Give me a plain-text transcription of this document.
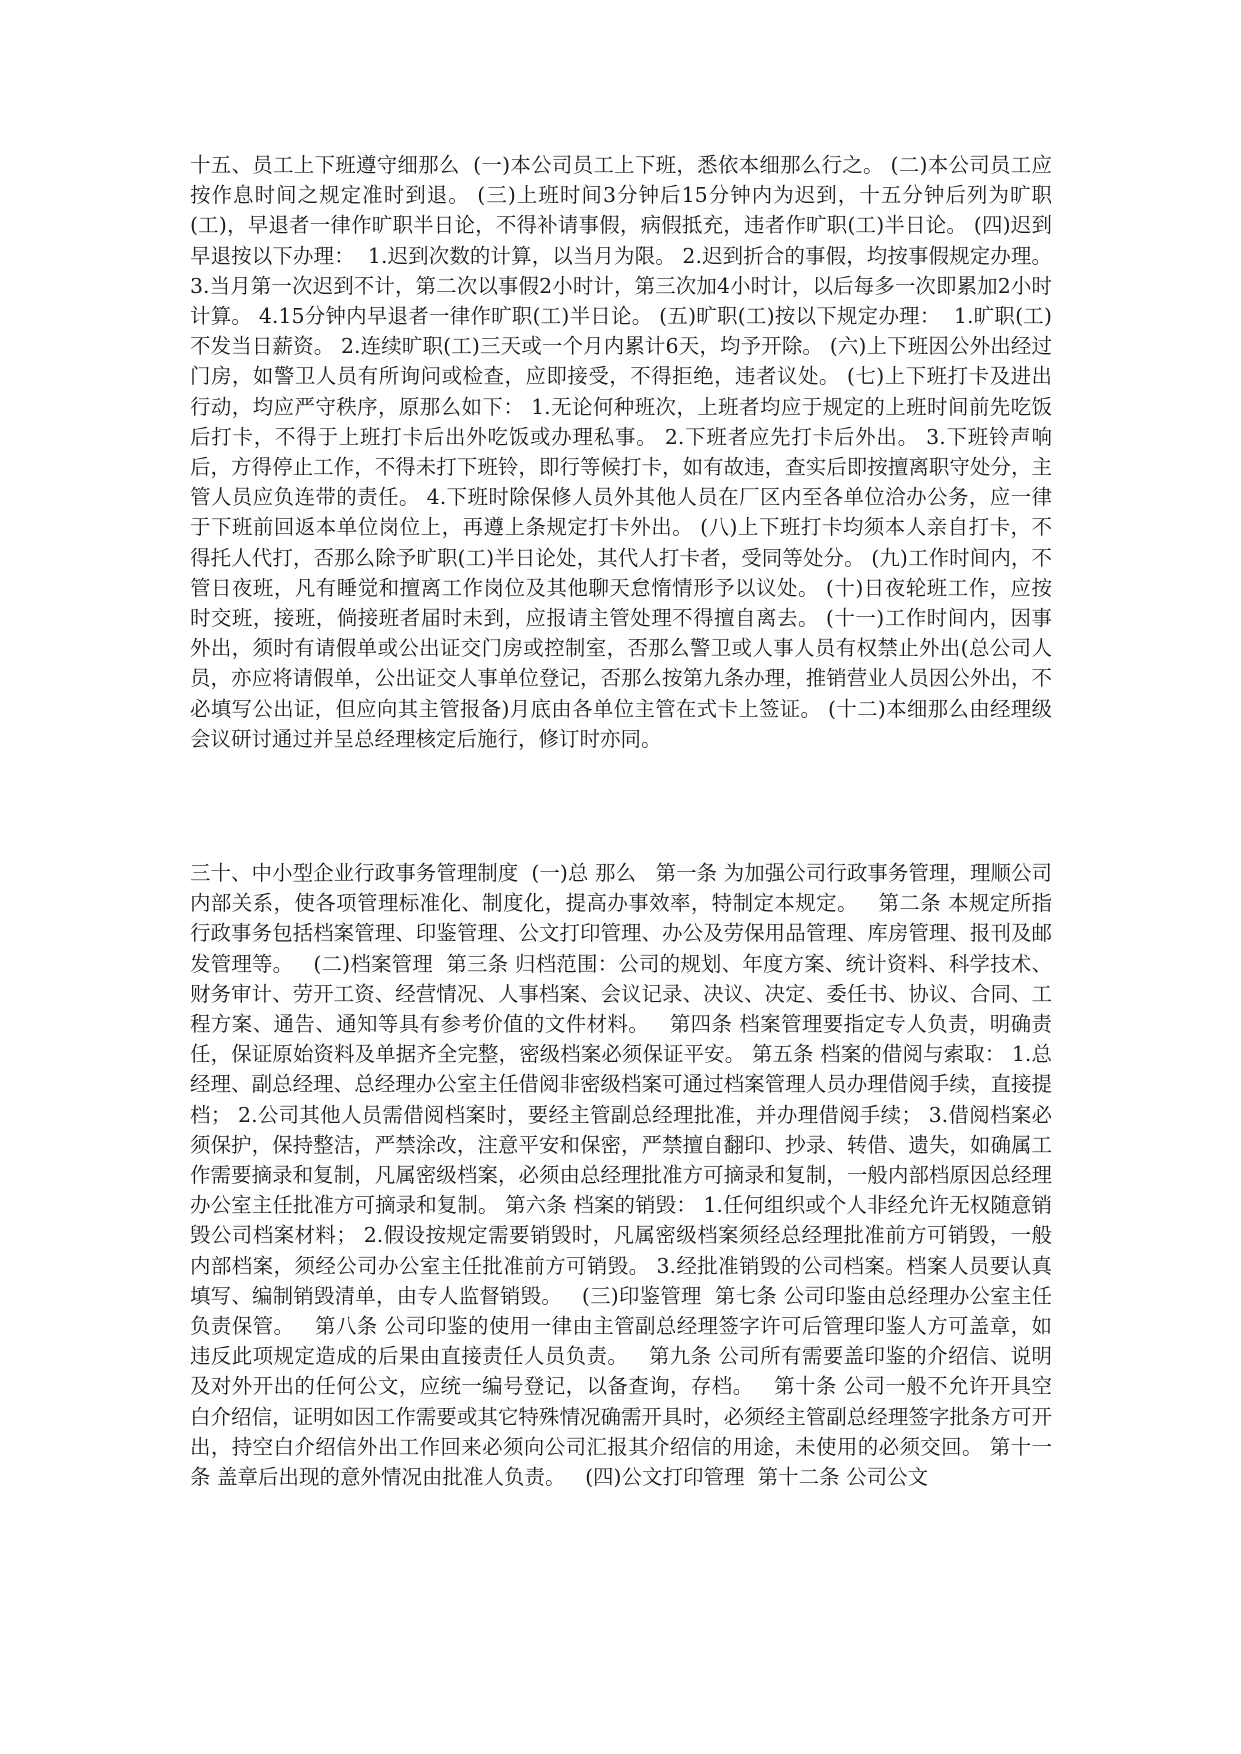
十五、员工上下班遵守细那么  (一)本公司员工上下班，悉依本细那么行之。 (二)本公司员工应按作息时间之规定准时到退。 (三)上班时间3分钟后15分钟内为迟到，十五分钟后列为旷职(工)，早退者一律作旷职半日论，不得补请事假，病假抵充，违者作旷职(工)半日论。 (四)迟到早退按以下办理：  1.迟到次数的计算，以当月为限。 2.迟到折合的事假，均按事假规定办理。 3.当月第一次迟到不计，第二次以事假2小时计，第三次加4小时计，以后每多一次即累加2小时计算。 4.15分钟内早退者一律作旷职(工)半日论。 (五)旷职(工)按以下规定办理：  1.旷职(工)不发当日薪资。 2.连续旷职(工)三天或一个月内累计6天，均予开除。 (六)上下班因公外出经过门房，如警卫人员有所询问或检查，应即接受，不得拒绝，违者议处。 (七)上下班打卡及进出行动，均应严守秩序，原那么如下： 1.无论何种班次，上班者均应于规定的上班时间前先吃饭后打卡，不得于上班打卡后出外吃饭或办理私事。 2.下班者应先打卡后外出。 3.下班铃声响后，方得停止工作，不得未打下班铃，即行等候打卡，如有故违，查实后即按擅离职守处分，主管人员应负连带的责任。 4.下班时除保修人员外其他人员在厂区内至各单位洽办公务，应一律于下班前回返本单位岗位上，再遵上条规定打卡外出。 (八)上下班打卡均须本人亲自打卡，不得托人代打，否那么除予旷职(工)半日论处，其代人打卡者，受同等处分。 (九)工作时间内，不管日夜班，凡有睡觉和擅离工作岗位及其他聊天怠惰情形予以议处。 (十)日夜轮班工作，应按时交班，接班，倘接班者届时未到，应报请主管处理不得擅自离去。 (十一)工作时间内，因事外出，须时有请假单或公出证交门房或控制室，否那么警卫或人事人员有权禁止外出(总公司人员，亦应将请假单，公出证交人事单位登记，否那么按第九条办理，推销营业人员因公外出，不必填写公出证，但应向其主管报备)月底由各单位主管在式卡上签证。 (十二)本细那么由经理级会议研讨通过并呈总经理核定后施行，修订时亦同。

三十、中小型企业行政事务管理制度  (一)总 那么   第一条 为加强公司行政事务管理，理顺公司内部关系，使各项管理标准化、制度化，提高办事效率，特制定本规定。   第二条 本规定所指行政事务包括档案管理、印鉴管理、公文打印管理、办公及劳保用品管理、库房管理、报刊及邮发管理等。   (二)档案管理  第三条 归档范围：公司的规划、年度方案、统计资料、科学技术、财务审计、劳开工资、经营情况、人事档案、会议记录、决议、决定、委任书、协议、合同、工程方案、通告、通知等具有参考价值的文件材料。   第四条 档案管理要指定专人负责，明确责任，保证原始资料及单据齐全完整，密级档案必须保证平安。 第五条 档案的借阅与索取： 1.总经理、副总经理、总经理办公室主任借阅非密级档案可通过档案管理人员办理借阅手续，直接提档； 2.公司其他人员需借阅档案时，要经主管副总经理批准，并办理借阅手续； 3.借阅档案必须保护，保持整洁，严禁涂改，注意平安和保密，严禁擅自翻印、抄录、转借、遗失，如确属工作需要摘录和复制，凡属密级档案，必须由总经理批准方可摘录和复制，一般内部档原因总经理办公室主任批准方可摘录和复制。 第六条 档案的销毁： 1.任何组织或个人非经允许无权随意销毁公司档案材料； 2.假设按规定需要销毁时，凡属密级档案须经总经理批准前方可销毁，一般内部档案，须经公司办公室主任批准前方可销毁。 3.经批准销毁的公司档案。档案人员要认真填写、编制销毁清单，由专人监督销毁。   (三)印鉴管理  第七条 公司印鉴由总经理办公室主任负责保管。   第八条 公司印鉴的使用一律由主管副总经理签字许可后管理印鉴人方可盖章，如违反此项规定造成的后果由直接责任人员负责。   第九条 公司所有需要盖印鉴的介绍信、说明及对外开出的任何公文，应统一编号登记，以备查询，存档。   第十条 公司一般不允许开具空白介绍信，证明如因工作需要或其它特殊情况确需开具时，必须经主管副总经理签字批条方可开出，持空白介绍信外出工作回来必须向公司汇报其介绍信的用途，未使用的必须交回。 第十一条 盖章后出现的意外情况由批准人负责。   (四)公文打印管理  第十二条 公司公文
